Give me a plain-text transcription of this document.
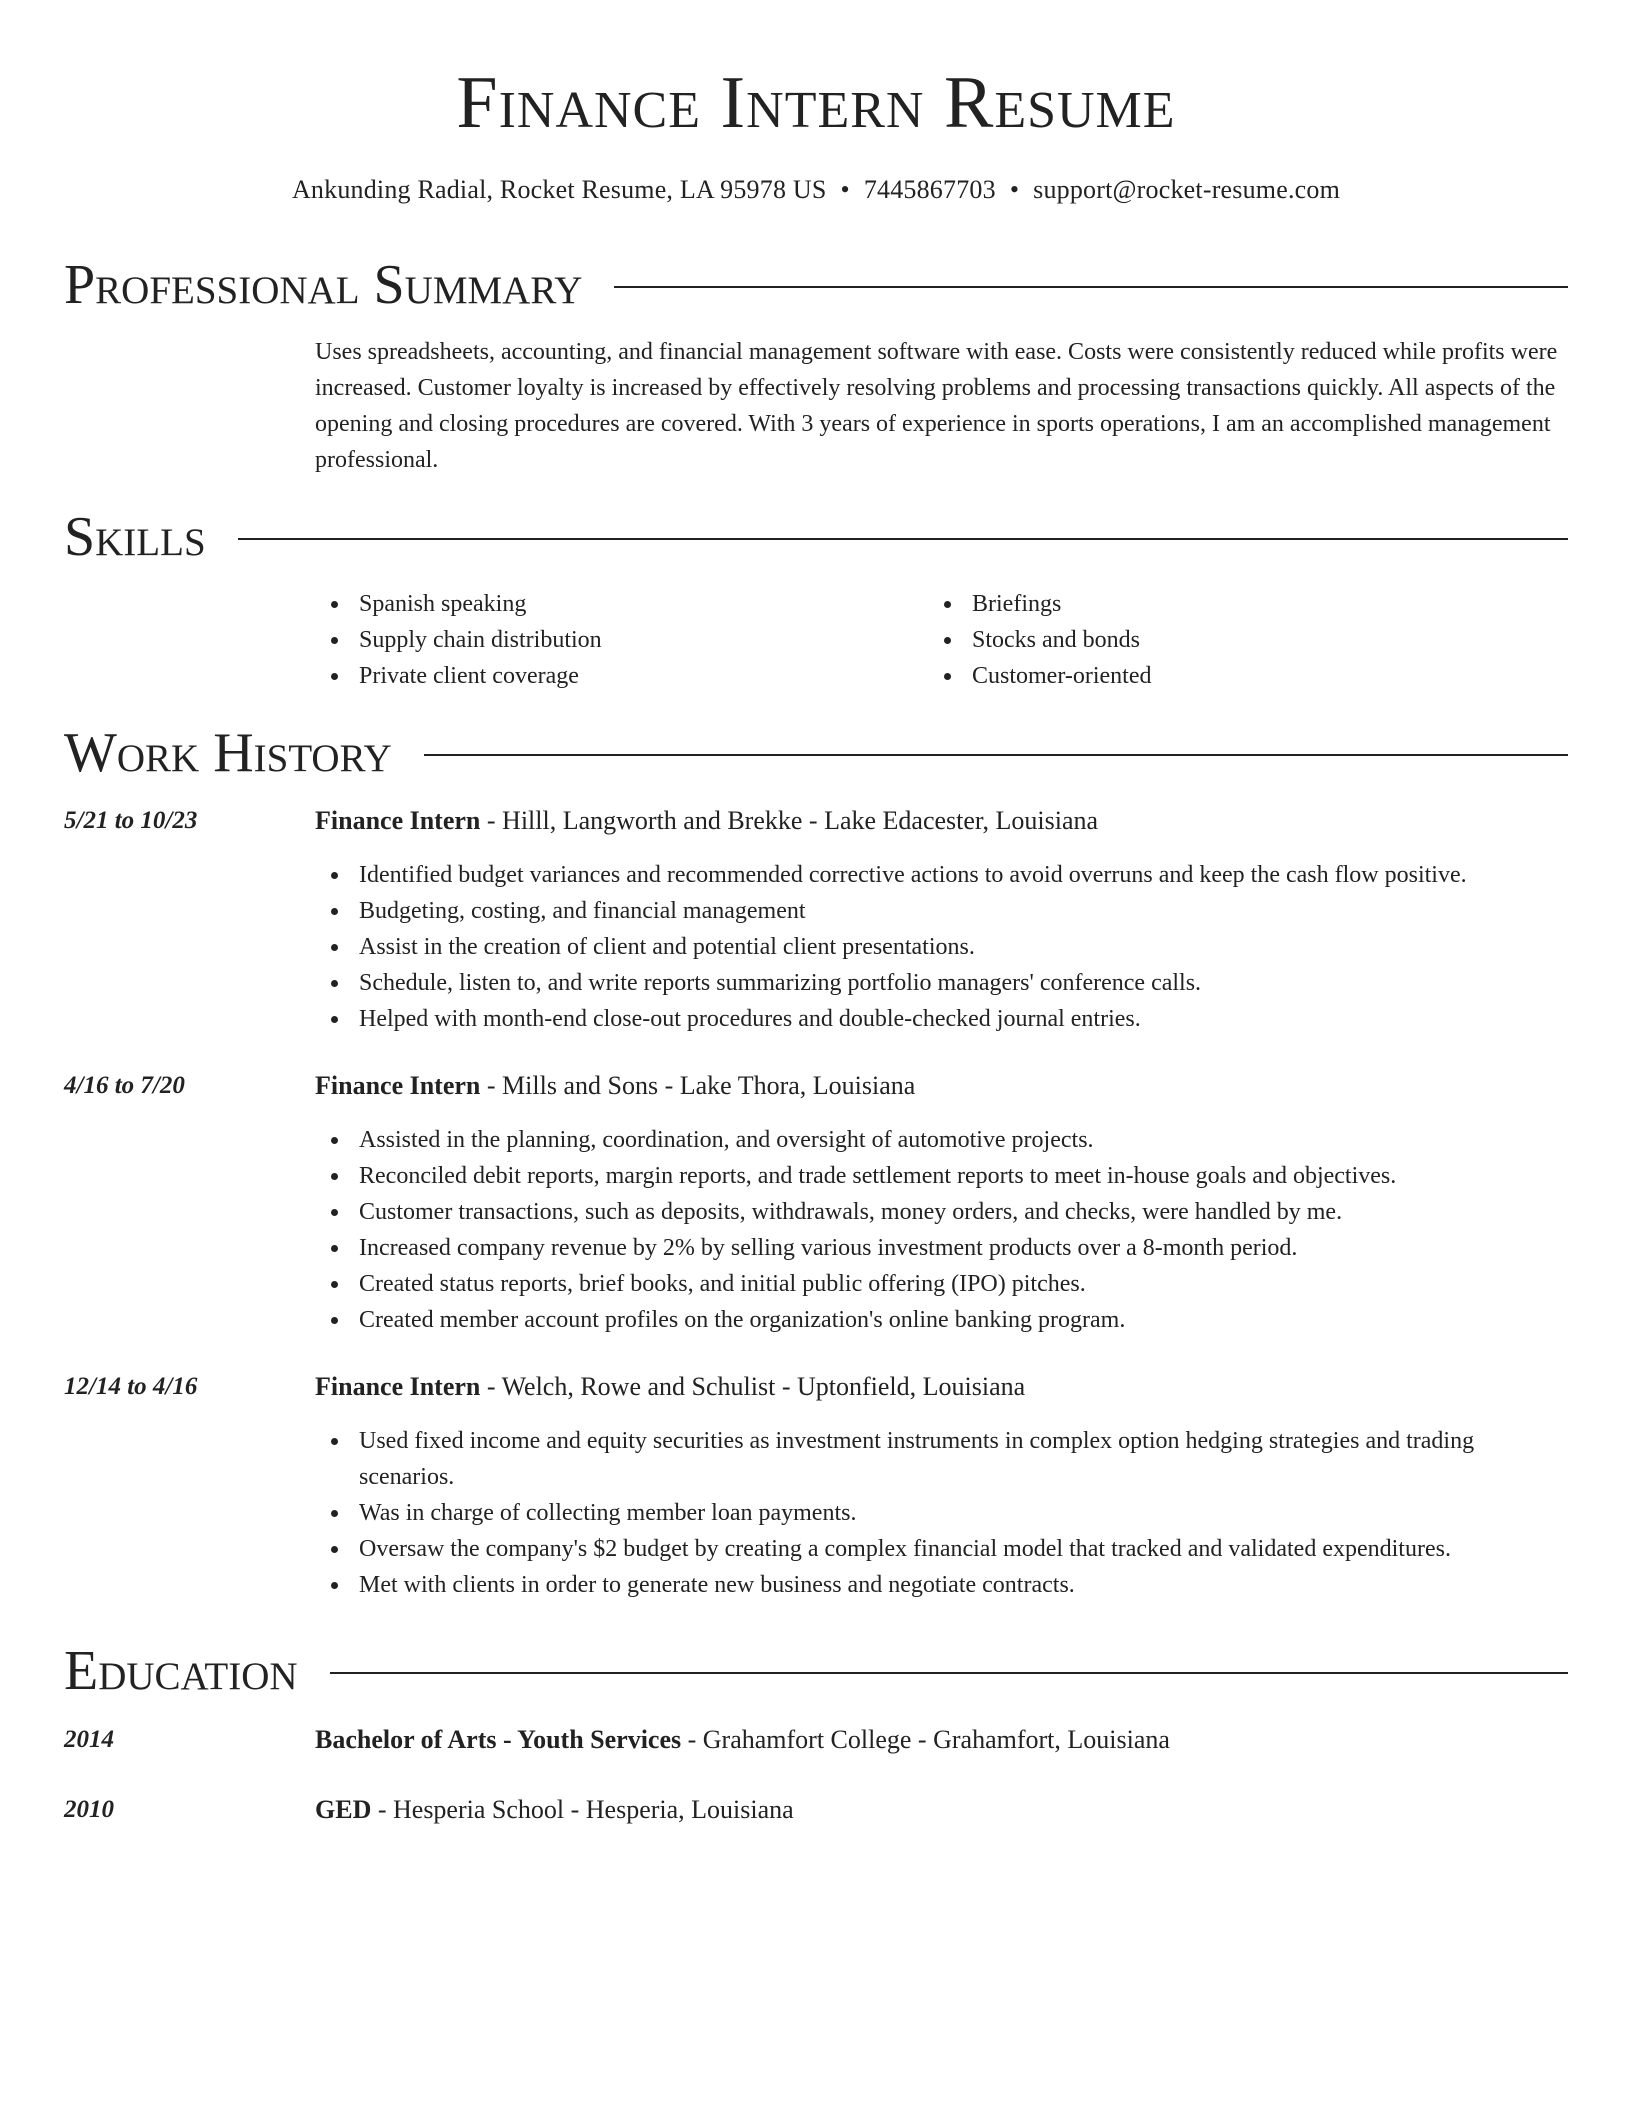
Finance Intern Resume
Ankunding Radial, Rocket Resume, LA 95978 US • 7445867703 • support@rocket-resume.com
Professional Summary

Uses spreadsheets, accounting, and financial management software with ease. Costs were consistently reduced while profits were increased. Customer loyalty is increased by effectively resolving problems and processing transactions quickly. All aspects of the opening and closing procedures are covered. With 3 years of experience in sports operations, I am an accomplished management professional.

Skills
Spanish speaking
Supply chain distribution
Private client coverage
Briefings
Stocks and bonds
Customer-oriented
Work History
5/21 to 10/23	Finance Intern - Hilll, Langworth and Brekke - Lake Edacester, Louisiana
Identified budget variances and recommended corrective actions to avoid overruns and keep the cash flow positive.
Budgeting, costing, and financial management
Assist in the creation of client and potential client presentations.
Schedule, listen to, and write reports summarizing portfolio managers' conference calls.
Helped with month-end close-out procedures and double-checked journal entries.
4/16 to 7/20	Finance Intern - Mills and Sons - Lake Thora, Louisiana
Assisted in the planning, coordination, and oversight of automotive projects.
Reconciled debit reports, margin reports, and trade settlement reports to meet in-house goals and objectives.
Customer transactions, such as deposits, withdrawals, money orders, and checks, were handled by me.
Increased company revenue by 2% by selling various investment products over a 8-month period.
Created status reports, brief books, and initial public offering (IPO) pitches.
Created member account profiles on the organization's online banking program.
12/14 to 4/16	Finance Intern - Welch, Rowe and Schulist - Uptonfield, Louisiana
Used fixed income and equity securities as investment instruments in complex option hedging strategies and trading scenarios.
Was in charge of collecting member loan payments.
Oversaw the company's $2 budget by creating a complex financial model that tracked and validated expenditures.
Met with clients in order to generate new business and negotiate contracts.
Education
2014	Bachelor of Arts - Youth Services - Grahamfort College - Grahamfort, Louisiana
2010	GED - Hesperia School - Hesperia, Louisiana
